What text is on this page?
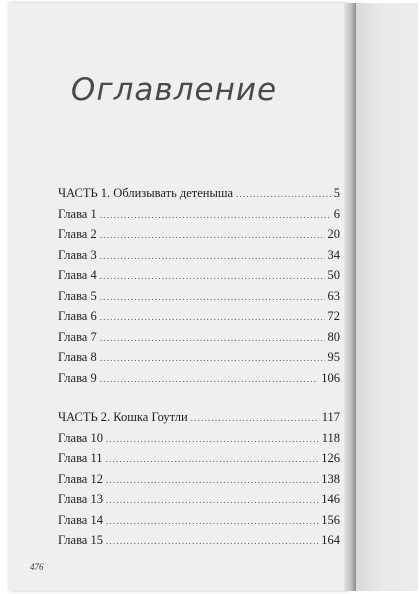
Оглавление
ЧАСТЬ 1. Облизывать детеныша .....	5
Глава 1 .....	6
Глава 2 .....	20
Глава 3 .....	34
Глава 4 .....	50
Глава 5 .....	63
Глава 6 .....	72
Глава 7 .....	80
Глава 8 .....	95
Глава 9 .....	106
ЧАСТЬ 2. Кошка Гоутли .....	117
Глава 10 .....	118
Глава 11 .....	126
Глава 12 .....	138
Глава 13 .....	146
Глава 14 .....	156
Глава 15 .....	164
476
